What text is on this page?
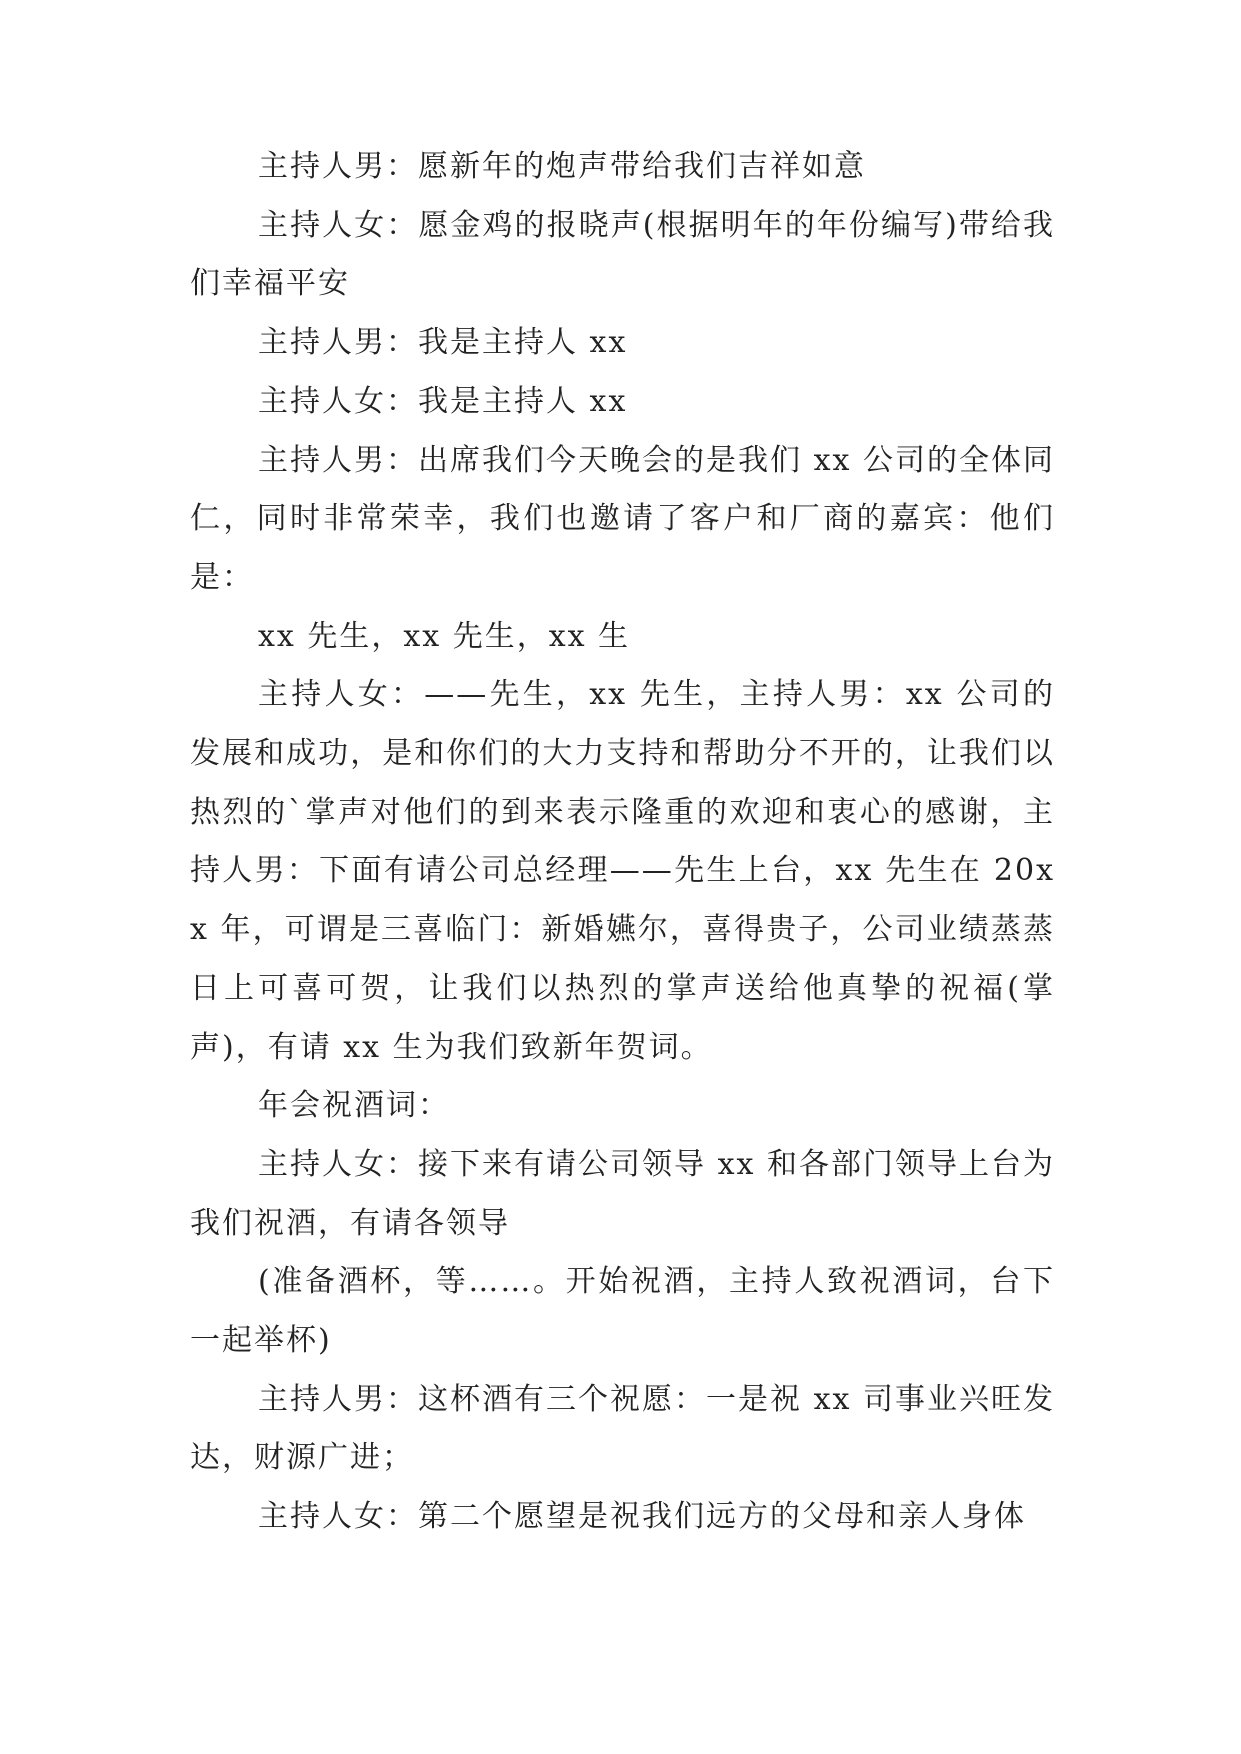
主持人男：愿新年的炮声带给我们吉祥如意

主持人女：愿金鸡的报晓声(根据明年的年份编写)带给我们幸福平安

主持人男：我是主持人 xx

主持人女：我是主持人 xx

主持人男：出席我们今天晚会的是我们 xx 公司的全体同仁，同时非常荣幸，我们也邀请了客户和厂商的嘉宾：他们是：

xx 先生，xx 先生，xx 生

主持人女：——先生，xx 先生，主持人男：xx 公司的发展和成功，是和你们的大力支持和帮助分不开的，让我们以热烈的`掌声对他们的到来表示隆重的欢迎和衷心的感谢，主持人男：下面有请公司总经理——先生上台，xx 先生在 20xx 年，可谓是三喜临门：新婚嬿尔，喜得贵子，公司业绩蒸蒸日上可喜可贺，让我们以热烈的掌声送给他真挚的祝福(掌声)，有请 xx 生为我们致新年贺词。

年会祝酒词：

主持人女：接下来有请公司领导 xx 和各部门领导上台为我们祝酒，有请各领导

(准备酒杯，等……。开始祝酒，主持人致祝酒词，台下一起举杯)

主持人男：这杯酒有三个祝愿：一是祝 xx 司事业兴旺发达，财源广进；

主持人女：第二个愿望是祝我们远方的父母和亲人身体
